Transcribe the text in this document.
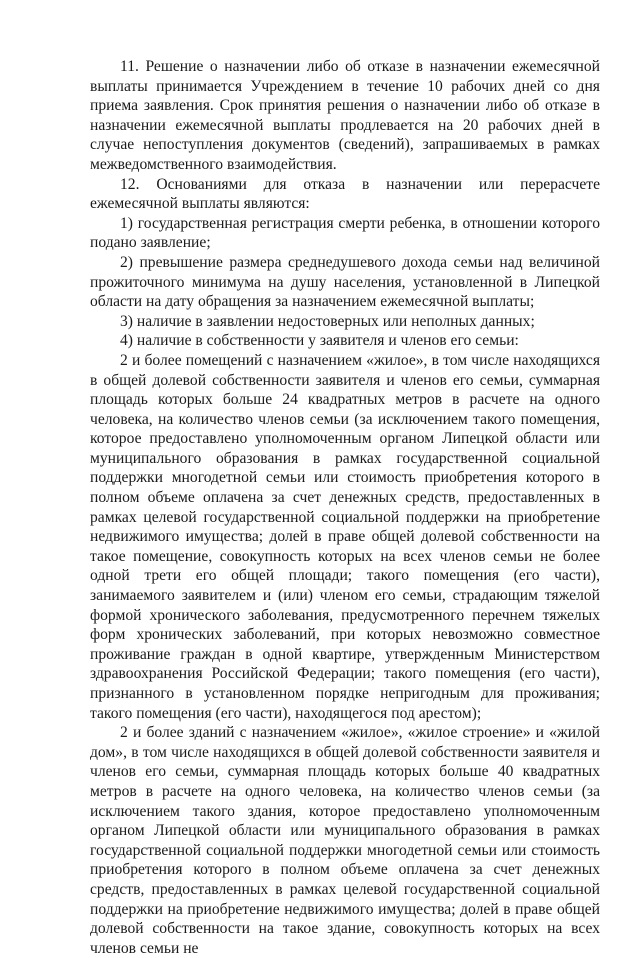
11. Решение о назначении либо об отказе в назначении ежемесячной выплаты принимается Учреждением в течение 10 рабочих дней со дня приема заявления. Срок принятия решения о назначении либо об отказе в назначении ежемесячной выплаты продлевается на 20 рабочих дней в случае непоступления документов (сведений), запрашиваемых в рамках межведомственного взаимодействия.

12. Основаниями для отказа в назначении или перерасчете ежемесячной выплаты являются:

1) государственная регистрация смерти ребенка, в отношении которого подано заявление;

2) превышение размера среднедушевого дохода семьи над величиной прожиточного минимума на душу населения, установленной в Липецкой области на дату обращения за назначением ежемесячной выплаты;

3) наличие в заявлении недостоверных или неполных данных;

4) наличие в собственности у заявителя и членов его семьи:

2 и более помещений с назначением «жилое», в том числе находящихся в общей долевой собственности заявителя и членов его семьи, суммарная площадь которых больше 24 квадратных метров в расчете на одного человека, на количество членов семьи (за исключением такого помещения, которое предоставлено уполномоченным органом Липецкой области или муниципального образования в рамках государственной социальной поддержки многодетной семьи или стоимость приобретения которого в полном объеме оплачена за счет денежных средств, предоставленных в рамках целевой государственной социальной поддержки на приобретение недвижимого имущества; долей в праве общей долевой собственности на такое помещение, совокупность которых на всех членов семьи не более одной трети его общей площади; такого помещения (его части), занимаемого заявителем и (или) членом его семьи, страдающим тяжелой формой хронического заболевания, предусмотренного перечнем тяжелых форм хронических заболеваний, при которых невозможно совместное проживание граждан в одной квартире, утвержденным Министерством здравоохранения Российской Федерации; такого помещения (его части), признанного в установленном порядке непригодным для проживания; такого помещения (его части), находящегося под арестом);

2 и более зданий с назначением «жилое», «жилое строение» и «жилой дом», в том числе находящихся в общей долевой собственности заявителя и членов его семьи, суммарная площадь которых больше 40 квадратных метров в расчете на одного человека, на количество членов семьи (за исключением такого здания, которое предоставлено уполномоченным органом Липецкой области или муниципального образования в рамках государственной социальной поддержки многодетной семьи или стоимость приобретения которого в полном объеме оплачена за счет денежных средств, предоставленных в рамках целевой государственной социальной поддержки на приобретение недвижимого имущества; долей в праве общей долевой собственности на такое здание, совокупность которых на всех членов семьи не
